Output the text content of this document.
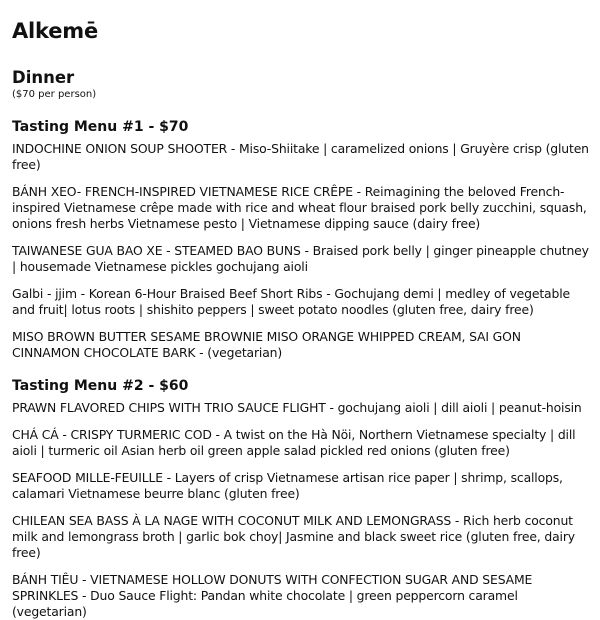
Alkemē
Dinner
($70 per person)
Tasting Menu #1 - $70

INDOCHINE ONION SOUP SHOOTER - Miso-Shiitake | caramelized onions | Gruyère crisp (gluten free)

BÁNH XEO- FRENCH-INSPIRED VIETNAMESE RICE CRÊPE - Reimagining the beloved French-inspired Vietnamese crêpe made with rice and wheat flour braised pork belly zucchini, squash, onions fresh herbs Vietnamese pesto | Vietnamese dipping sauce (dairy free)

TAIWANESE GUA BAO XE - STEAMED BAO BUNS - Braised pork belly | ginger pineapple chutney | housemade Vietnamese pickles gochujang aioli

Galbi - jjim - Korean 6-Hour Braised Beef Short Ribs - Gochujang demi | medley of vegetable and fruit| lotus roots | shishito peppers | sweet potato noodles (gluten free, dairy free)

MISO BROWN BUTTER SESAME BROWNIE MISO ORANGE WHIPPED CREAM, SAI GON CINNAMON CHOCOLATE BARK - (vegetarian)

Tasting Menu #2 - $60

PRAWN FLAVORED CHIPS WITH TRIO SAUCE FLIGHT - gochujang aioli | dill aioli | peanut-hoisin

CHÁ CÁ - CRISPY TURMERIC COD - A twist on the Hà Nöi, Northern Vietnamese specialty | dill aioli | turmeric oil Asian herb oil green apple salad pickled red onions (gluten free)

SEAFOOD MILLE-FEUILLE - Layers of crisp Vietnamese artisan rice paper | shrimp, scallops, calamari Vietnamese beurre blanc (gluten free)

CHILEAN SEA BASS À LA NAGE WITH COCONUT MILK AND LEMONGRASS - Rich herb coconut milk and lemongrass broth | garlic bok choy| Jasmine and black sweet rice (gluten free, dairy free)

BÁNH TIÊU - VIETNAMESE HOLLOW DONUTS WITH CONFECTION SUGAR AND SESAME SPRINKLES - Duo Sauce Flight: Pandan white chocolate | green peppercorn caramel (vegetarian)
